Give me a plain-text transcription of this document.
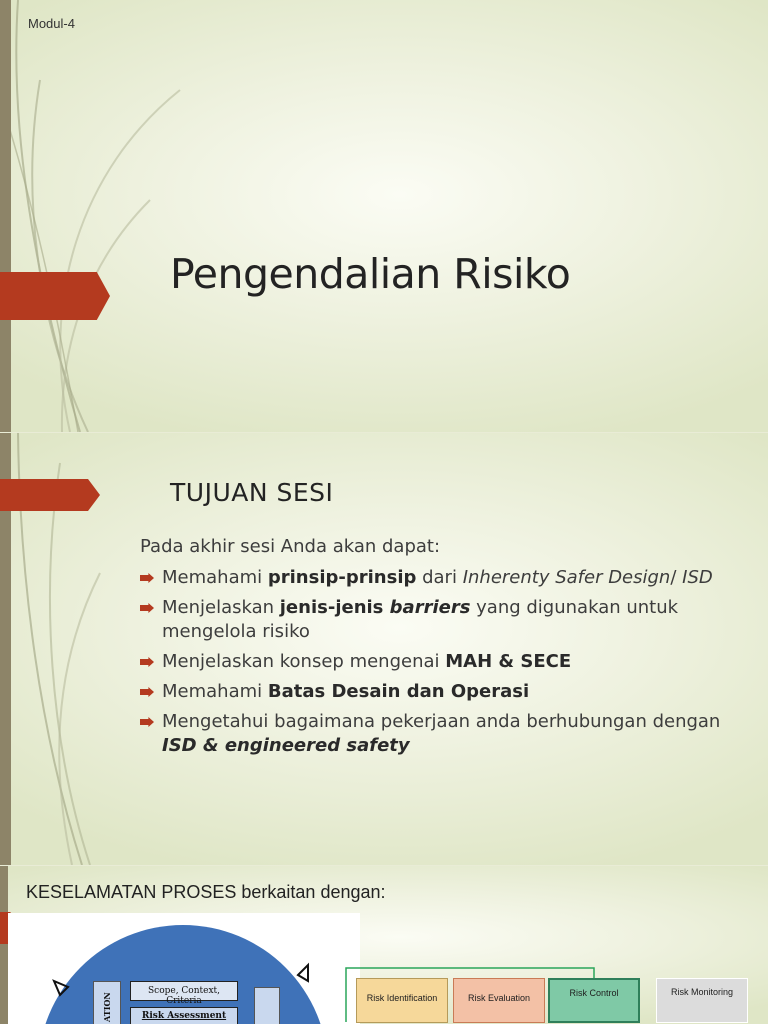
Modul-4
Pengendalian Risiko
TUJUAN SESI
Pada akhir sesi Anda akan dapat:
Memahami prinsip-prinsip dari Inherenty Safer Design/ ISD
Menjelaskan jenis-jenis barriers yang digunakan untuk mengelola risiko
Menjelaskan konsep mengenai MAH & SECE
Memahami Batas Desain dan Operasi
Mengetahui bagaimana pekerjaan anda berhubungan dengan ISD & engineered safety
KESELAMATAN PROSES berkaitan dengan:
Scope, Context, Criteria
Risk Assessment
ATION	Risk Identification	Risk Evaluation	Risk Control	Risk Monitoring
